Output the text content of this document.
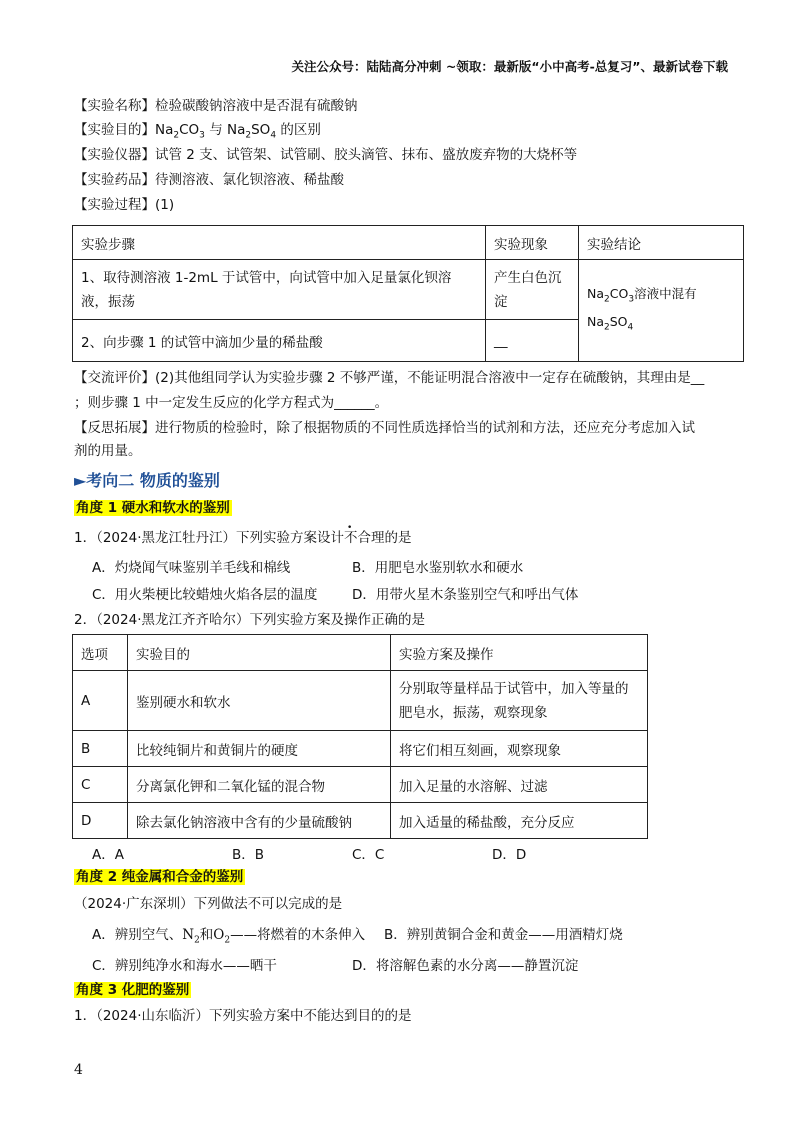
关注公众号：陆陆高分冲刺 ~领取：最新版“小中高考-总复习”、最新试卷下载
【实验名称】检验碳酸钠溶液中是否混有硫酸钠
【实验目的】$Na_2CO_3$ 与 $Na_2SO_4$ 的区别
【实验仪器】试管 2 支、试管架、试管刷、胶头滴管、抹布、盛放废弃物的大烧杯等
【实验药品】待测溶液、氯化钡溶液、稀盐酸
【实验过程】(1)
实验步骤	实验现象	实验结论
1、取待测溶液 1-2mL 于试管中，向试管中加入足量氯化钡溶液，振荡	产生白色沉淀	$Na_2CO_3$溶液中混有
$Na_2SO_4$
2、向步骤 1 的试管中滴加少量的稀盐酸	__	
【交流评价】(2)其他组同学认为实验步骤 2 不够严谨，不能证明混合溶液中一定存在硫酸钠，其理由是__
；则步骤 1 中一定发生反应的化学方程式为______。
【反思拓展】进行物质的检验时，除了根据物质的不同性质选择恰当的试剂和方法，还应充分考虑加入试
剂的用量。
►考向二 物质的鉴别
角度 1 硬水和软水的鉴别
1．（2024·黑龙江牡丹江）下列实验方案设计不合理的是
A．灼烧闻气味鉴别羊毛线和棉线	B．用肥皂水鉴别软水和硬水
C．用火柴梗比较蜡烛火焰各层的温度	D．用带火星木条鉴别空气和呼出气体
2．（2024·黑龙江齐齐哈尔）下列实验方案及操作正确的是
选项	实验目的	实验方案及操作
A	鉴别硬水和软水	分别取等量样品于试管中，加入等量的肥皂水，振荡，观察现象
B	比较纯铜片和黄铜片的硬度	将它们相互刻画，观察现象
C	分离氯化钾和二氧化锰的混合物	加入足量的水溶解、过滤
D	除去氯化钠溶液中含有的少量硫酸钠	加入适量的稀盐酸，充分反应
A．A	B．B	C．C	D．D
角度 2 纯金属和合金的鉴别
（2024·广东深圳）下列做法不可以完成的是
A．辨别空气、$N_2$和$O_2——$将燃着的木条伸入 B．辨别黄铜合金和黄金——用酒精灯烧
C．辨别纯净水和海水——晒干	D．将溶解色素的水分离——静置沉淀
角度 3 化肥的鉴别
1．（2024·山东临沂）下列实验方案中不能达到目的的是
4
